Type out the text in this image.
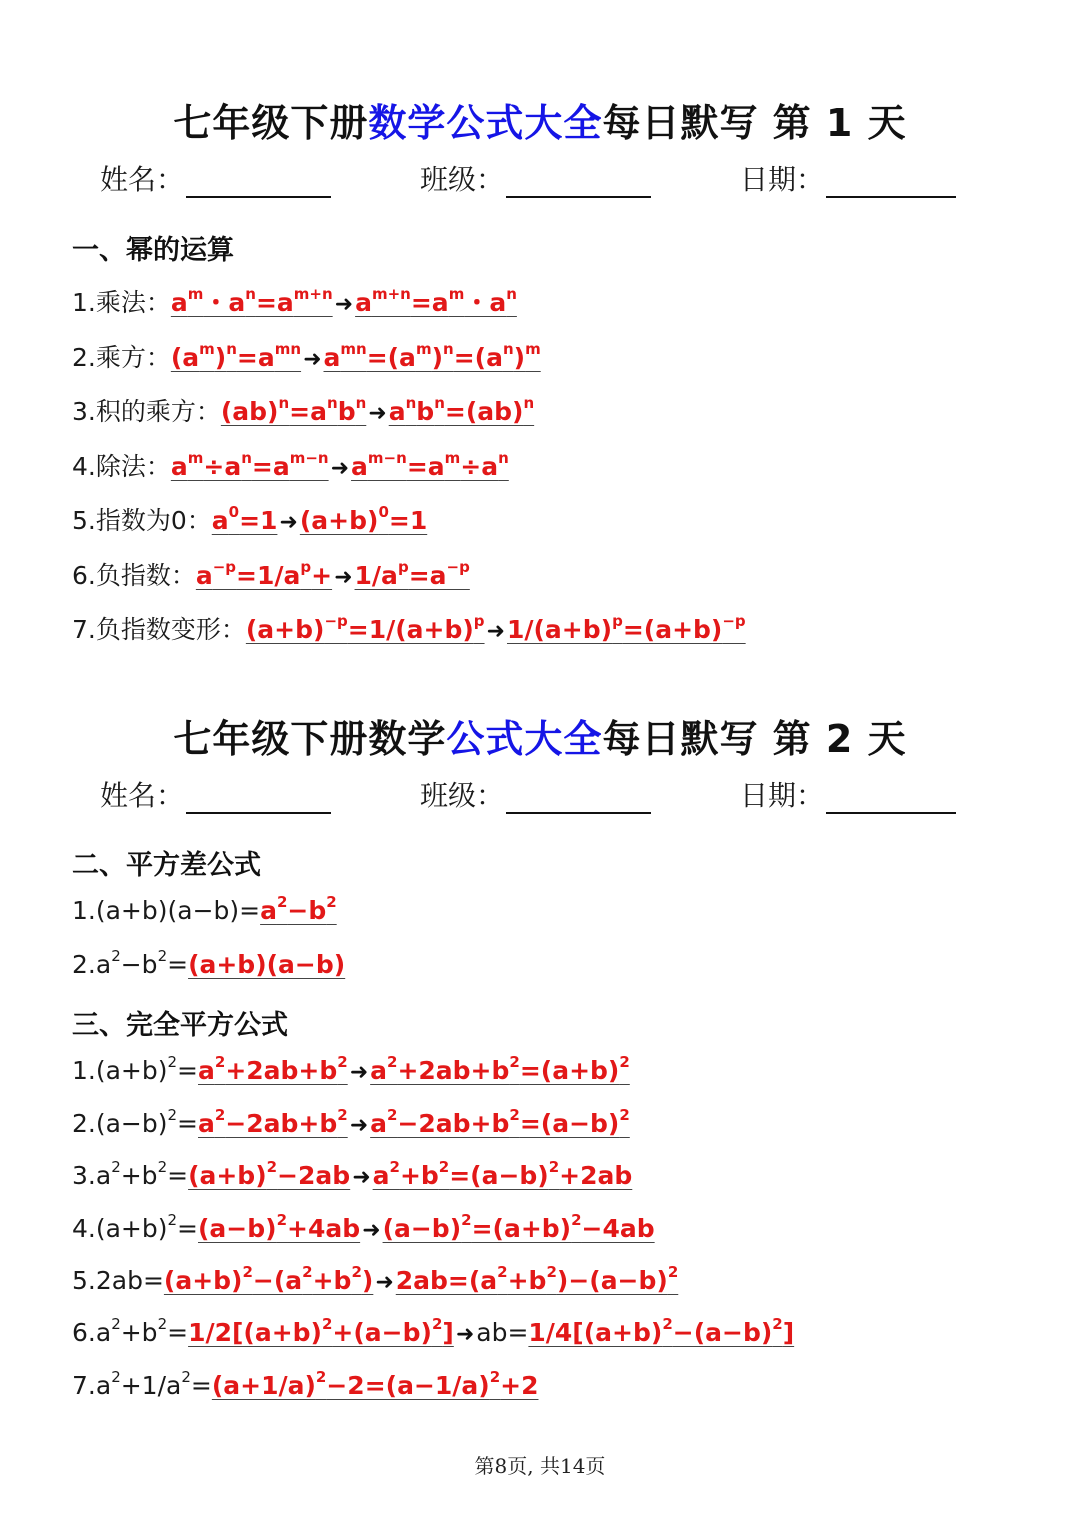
七年级下册数学公式大全每日默写 第 1 天
姓名：	班级：	日期：
一、幂的运算
1.乘法：$a^m$・$a^n=a^{m+n}➜a^{m+n}=a^m$・$a^n$
2.乘方：$(a^m)^n=a^{mn}➜a^{mn}=(a^m)^n=(a^n)^m$
3.积的乘方：$(ab)^n=a^nb^n➜a^nb^n=(ab)^n$
4.除法：$a^m\div a^n=a^{m-n}➜a^{m-n}=a^m\div a^n$
5.指数为0：$a^0=1➜(a+b)^0=1$
6.负指数：$a^{-p}=1/a^p+➜1/a^p=a^{-p}$
7.负指数变形：$(a+b)^{-p}=1/(a+b)^p➜1/(a+b)^p=(a+b)^{-p}$
七年级下册数学公式大全每日默写 第 2 天
姓名：	班级：	日期：
二、平方差公式
$1.(a+b)(a-b)=a^2-b^2$
$2.a^2-b^2=(a+b)(a-b)$
三、完全平方公式
$1.(a+b)^2=a^2+2ab+b^2➜a^2+2ab+b^2=(a+b)^2$
$2.(a-b)^2=a^2-2ab+b^2➜a^2-2ab+b^2=(a-b)^2$
$3.a^2+b^2=(a+b)^2-2ab➜a^2+b^2=(a-b)^2+2ab$
$4.(a+b)^2=(a-b)^2+4ab➜(a-b)^2=(a+b)^2-4ab$
$5.2ab=(a+b)^2-(a^2+b^2)➜2ab=(a^2+b^2)-(a-b)^2$
$6.a^2+b^2=1/2[(a+b)^2+(a-b)^2]➜ab=1/4[(a+b)^2-(a-b)^2]$
$7.a^2+1/a^2=(a+1/a)^2-2=(a-1/a)^2+2$
第8页, 共14页
